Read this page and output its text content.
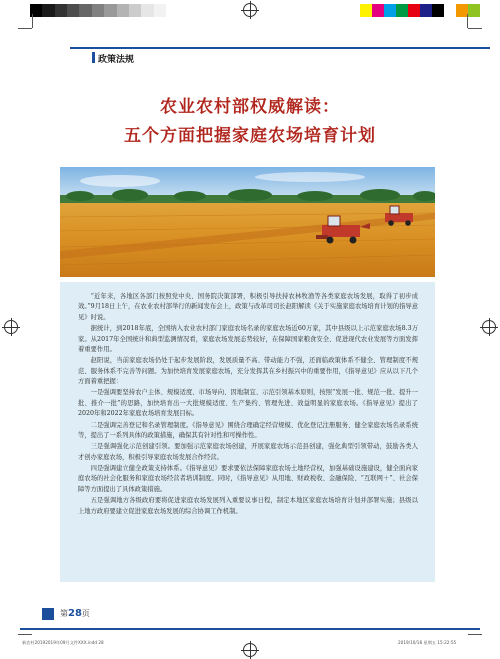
政策法规
农业农村部权威解读：
五个方面把握家庭农场培育计划

“近年来，各地区各部门按照党中央、国务院决策部署，积极引导扶持农林牧渔等各类家庭农场发展，取得了初步成效。”9月18日上午，在农业农村部举行的新闻发布会上，政策与改革司司长赵阳解读《关于实施家庭农场培育计划的指导意见》时说。

据统计，到2018年底，全国纳入农业农村部门家庭农场名录的家庭农场近60万家，其中县级以上示范家庭农场8.3万家。从2017年全国统计和典型监测情况看，家庭农场发展态势较好，在保障国家粮食安全、促进现代农业发展等方面发挥着重要作用。

赵阳说，当前家庭农场仍处于起步发展阶段，发展质量不高、带动能力不强，还面临政策体系不健全、管理制度不规范、服务体系不完善等问题。为加快培育发展家庭农场，充分发挥其在乡村振兴中的重要作用，《指导意见》应从以下几个方面着重把握：

一是强调要坚持农户主体、规模适度、市场导向、因地制宜、示范引领基本原则，按照“发展一批、规范一批、提升一批、推介一批”的思路，加快培育出一大批规模适度、生产集约、管理先进、效益明显的家庭农场。《指导意见》提出了2020年和2022年家庭农场培育发展目标。

二是强调完善登记和名录管理制度。《指导意见》围绕合理确定经营规模、优化登记注册服务、健全家庭农场名录系统等，提出了一系列具体的政策措施，确保其有针对性和可操作性。

三是强调强化示范创建引领。要加强示范家庭农场创建，开展家庭农场示范县创建，强化典型引领带动，鼓励各类人才创办家庭农场，积极引导家庭农场发展合作经营。

四是强调建立健全政策支持体系。《指导意见》要求要依法保障家庭农场土地经营权，加强基础设施建设，健全面向家庭农场的社会化服务和家庭农场经营者培训制度。同时，《指导意见》从用地、财政税收、金融保险、“互联网＋”、社会保障等方面提出了具体政策措施。

五是强调地方各级政府要将促进家庭农场发展列入重要议事日程，制定本地区家庭农场培育计划并部署实施；县级以上地方政府要建立促进家庭农场发展的综合协调工作机制。

第28页
新农村20192019年09月文件XXX.indd 28	2019/10/18 星期五 15:22:55
